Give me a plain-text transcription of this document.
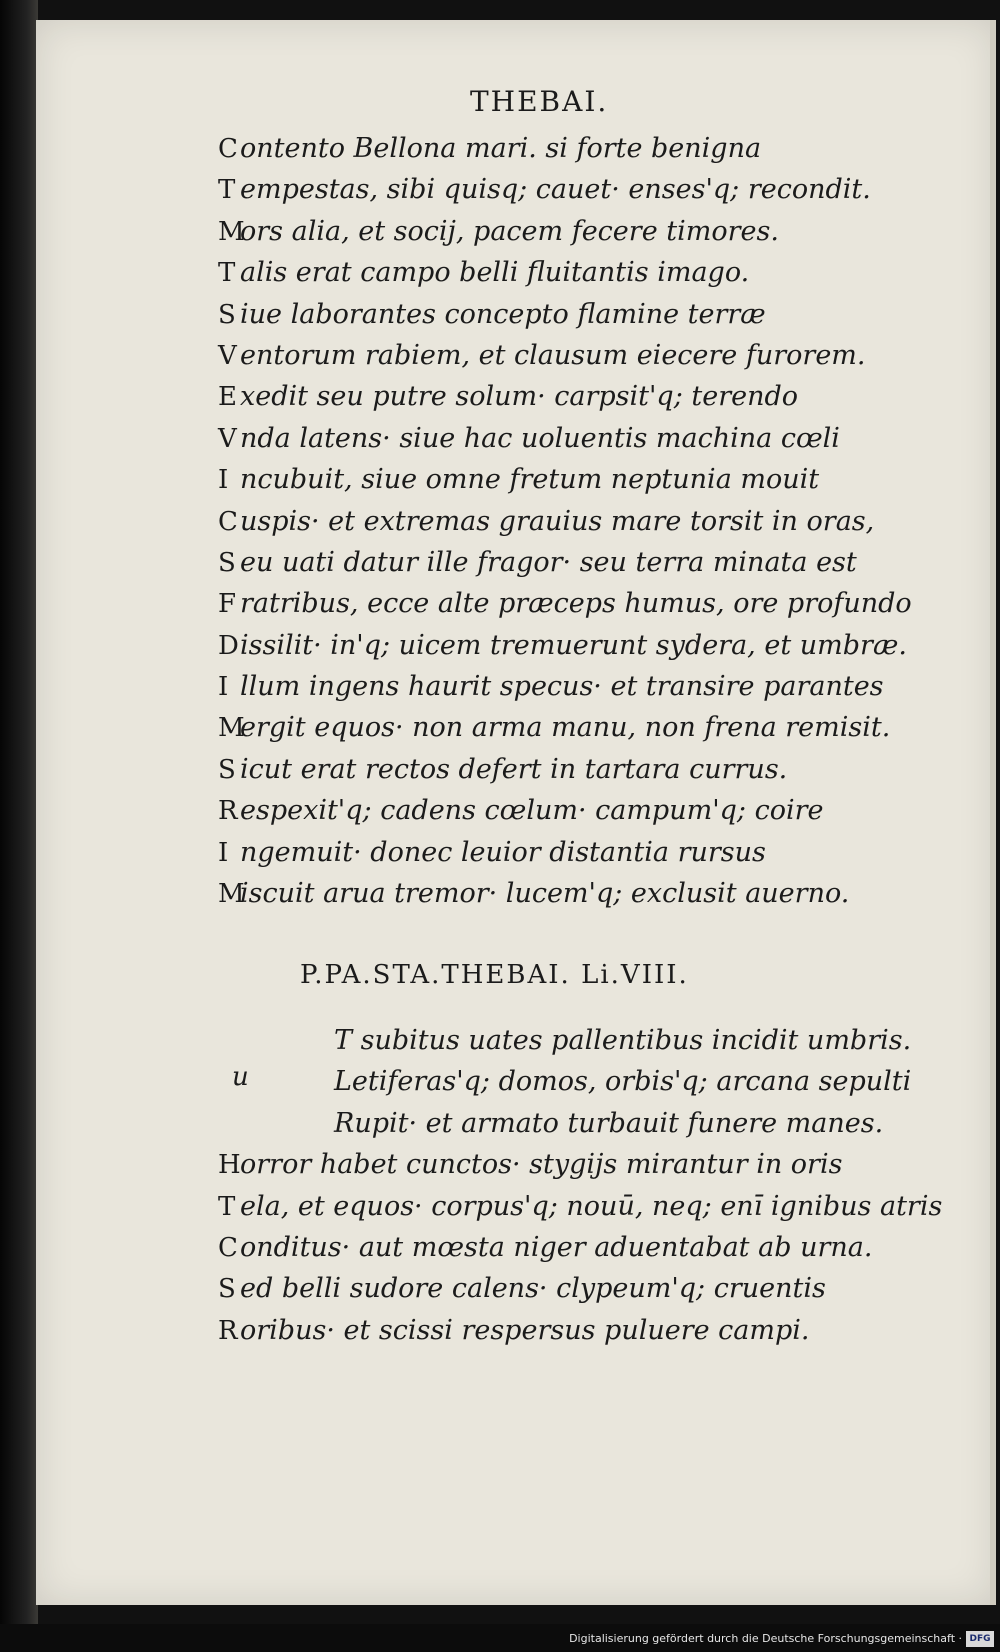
THEBAI.
Contento Bellona mari. si forte benigna
T empestas, sibi quisq; cauet· enses'q; recondit.
Mors alia, et socij, pacem fecere timores.
T alis erat campo belli fluitantis imago.
S iue laborantes concepto flamine terræ
V entorum rabiem, et clausum eiecere furorem.
E xedit seu putre solum· carpsit'q; terendo
V nda latens· siue hac uoluentis machina cœli
I ncubuit, siue omne fretum neptunia mouit
Cuspis· et extremas grauius mare torsit in oras,
S eu uati datur ille fragor· seu terra minata est
F ratribus, ecce alte præceps humus, ore profundo
Dissilit· in'q; uicem tremuerunt sydera, et umbræ.
I llum ingens haurit specus· et transire parantes
Mergit equos· non arma manu, non frena remisit.
S icut erat rectos defert in tartara currus.
Respexit'q; cadens cœlum· campum'q; coire
I ngemuit· donec leuior distantia rursus
Miscuit arua tremor· lucem'q; exclusit auerno.
P.PA.STA.THEBAI. Li.VIII.
u
T subitus uates pallentibus incidit umbris.
Letiferas'q; domos, orbis'q; arcana sepulti
Rupit· et armato turbauit funere manes.
Horror habet cunctos· stygijs mirantur in oris
T ela, et equos· corpus'q; nouū, neq; enī ignibus atris
Conditus· aut mœsta niger aduentabat ab urna.
S ed belli sudore calens· clypeum'q; cruentis
Roribus· et scissi respersus puluere campi.
Digitalisierung gefördert durch die Deutsche Forschungsgemeinschaft · DFG
